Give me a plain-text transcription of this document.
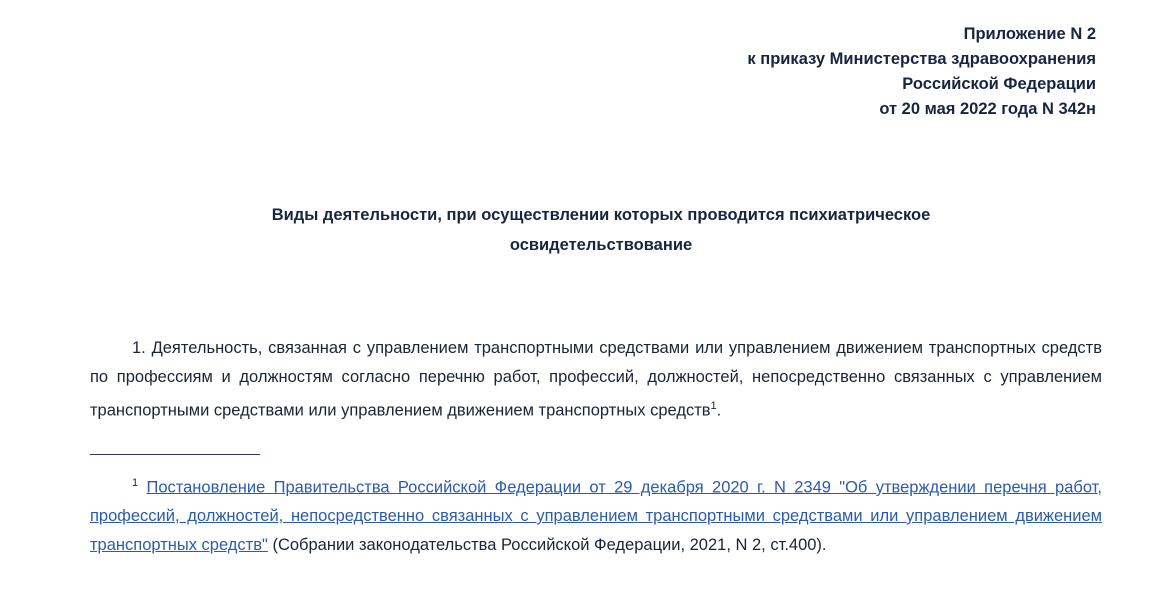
Приложение N 2
к приказу Министерства здравоохранения
Российской Федерации
от 20 мая 2022 года N 342н
Виды деятельности, при осуществлении которых проводится психиатрическое освидетельствование
1. Деятельность, связанная с управлением транспортными средствами или управлением движением транспортных средств по профессиям и должностям согласно перечню работ, профессий, должностей, непосредственно связанных с управлением транспортными средствами или управлением движением транспортных средств$^1$.
$^1$ Постановление Правительства Российской Федерации от 29 декабря 2020 г. N 2349 "Об утверждении перечня работ, профессий, должностей, непосредственно связанных с управлением транспортными средствами или управлением движением транспортных средств" (Собрании законодательства Российской Федерации, 2021, N 2, ст.400).
